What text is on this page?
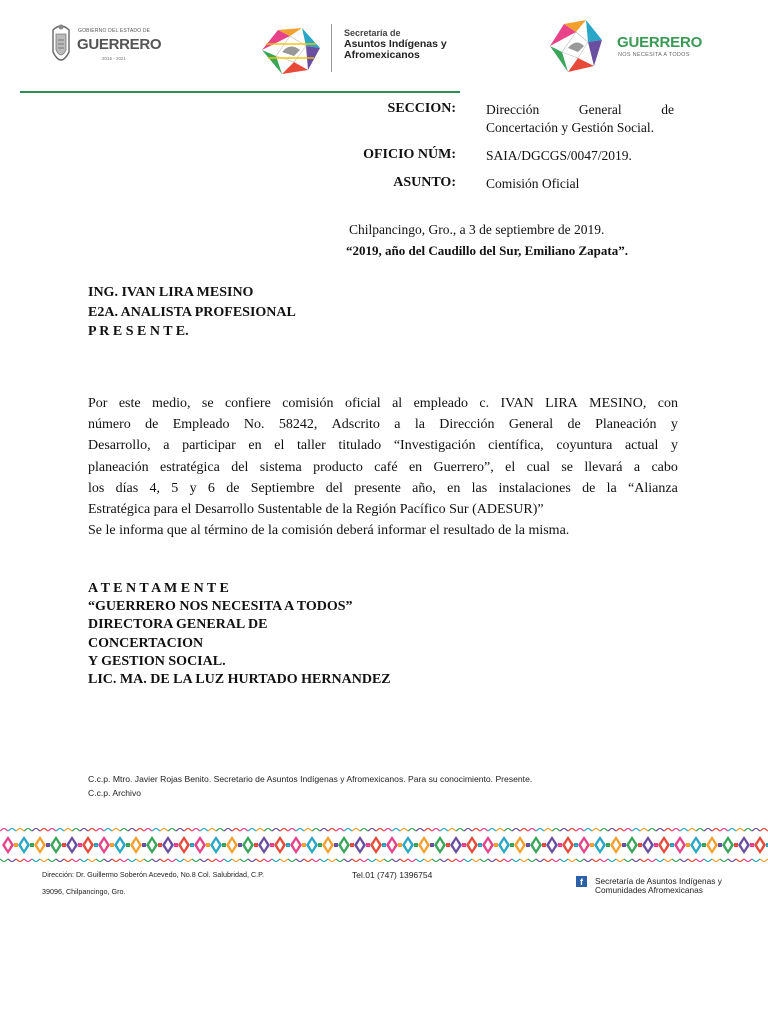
GOBIERNO DEL ESTADO DE
GUERRERO
2015 - 2021
Secretaría de
Asuntos Indígenas y
Afromexicanos
GUERRERO
NOS NECESITA A TODOS
SECCION: Dirección	General	de
Concertación y Gestión Social.
OFICIO NÚM: SAIA/DGCGS/0047/2019.
ASUNTO: Comisión Oficial
Chilpancingo, Gro., a 3 de septiembre de 2019.
“2019, año del Caudillo del Sur, Emiliano Zapata”.
ING. IVAN LIRA MESINO
E2A. ANALISTA PROFESIONAL
P R E S E N T E.
Por este medio, se confiere comisión oficial al empleado c. IVAN LIRA MESINO, con
número de Empleado No. 58242, Adscrito a la Dirección General de Planeación y
Desarrollo, a participar en el taller titulado “Investigación científica, coyuntura actual y
planeación estratégica del sistema producto café en Guerrero”, el cual se llevará a cabo
los días 4, 5 y 6 de Septiembre del presente año, en las instalaciones de la “Alianza
Estratégica para el Desarrollo Sustentable de la Región Pacífico Sur (ADESUR)”
Se le informa que al término de la comisión deberá informar el resultado de la misma.
A T E N T A M E N T E
“GUERRERO NOS NECESITA A TODOS”
DIRECTORA GENERAL DE
CONCERTACION
Y GESTION SOCIAL.
LIC. MA. DE LA LUZ HURTADO HERNANDEZ
C.c.p. Mtro. Javier Rojas Benito. Secretario de Asuntos Indígenas y Afromexicanos. Para su conocimiento. Presente.
C.c.p. Archivo
Dirección: Dr. Guillermo Soberón Acevedo, No.8 Col. Salubridad, C.P.
39096, Chilpancingo, Gro.
Tel.01 (747) 1396754
f	Secretaría de Asuntos Indígenas y
Comunidades Afromexicanas
